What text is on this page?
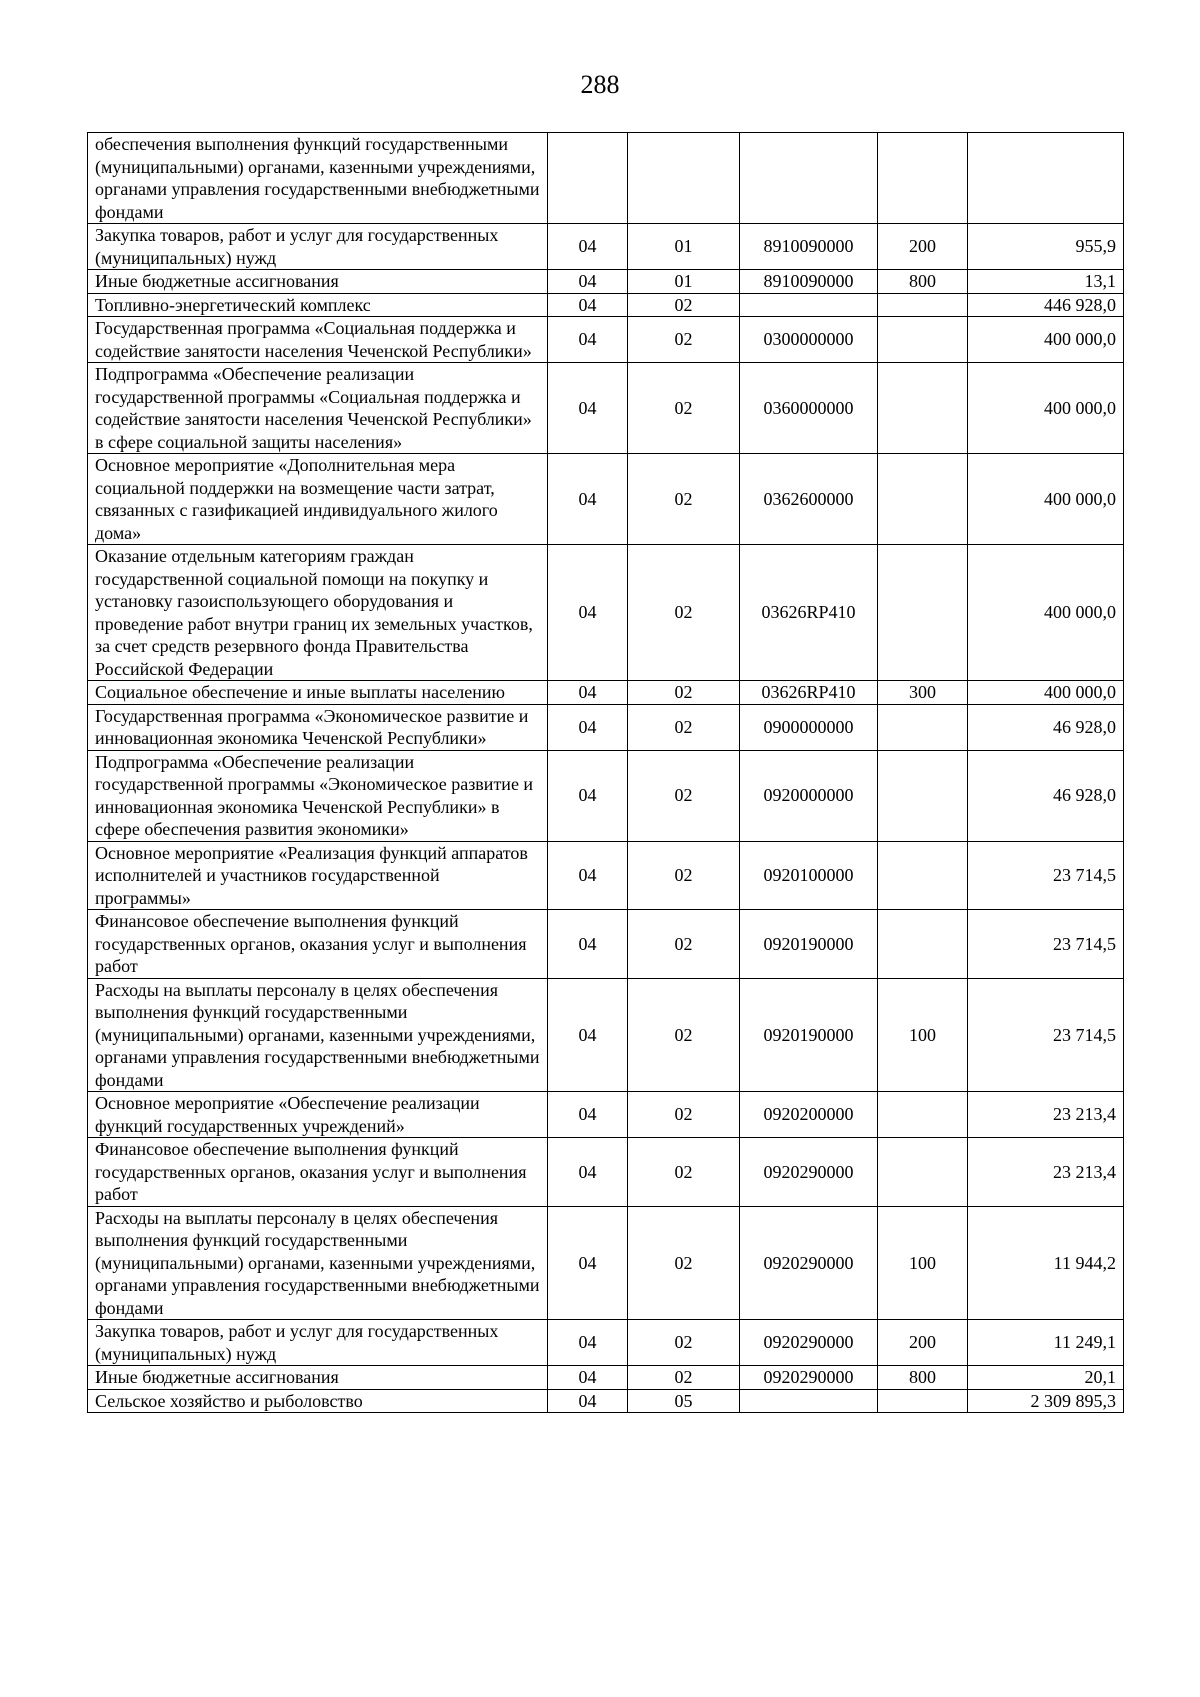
288
обеспечения выполнения функций государственными (муниципальными) органами, казенными учреждениями, органами управления государственными внебюджетными фондами					
Закупка товаров, работ и услуг для государственных (муниципальных) нужд	04	01	8910090000	200	955,9
Иные бюджетные ассигнования	04	01	8910090000	800	13,1
Топливно-энергетический комплекс	04	02			446 928,0
Государственная программа «Социальная поддержка и содействие занятости населения Чеченской Республики»	04	02	0300000000		400 000,0
Подпрограмма «Обеспечение реализации государственной программы «Социальная поддержка и содействие занятости населения Чеченской Республики» в сфере социальной защиты населения»	04	02	0360000000		400 000,0
Основное мероприятие «Дополнительная мера социальной поддержки на возмещение части затрат, связанных с газификацией индивидуального жилого дома»	04	02	0362600000		400 000,0
Оказание отдельным категориям граждан государственной социальной помощи на покупку и установку газоиспользующего оборудования и проведение работ внутри границ их земельных участков, за счет средств резервного фонда Правительства Российской Федерации	04	02	03626RP410		400 000,0
Социальное обеспечение и иные выплаты населению	04	02	03626RP410	300	400 000,0
Государственная программа «Экономическое развитие и инновационная экономика Чеченской Республики»	04	02	0900000000		46 928,0
Подпрограмма «Обеспечение реализации государственной программы «Экономическое развитие и инновационная экономика Чеченской Республики» в сфере обеспечения развития экономики»	04	02	0920000000		46 928,0
Основное мероприятие «Реализация функций аппаратов исполнителей и участников государственной программы»	04	02	0920100000		23 714,5
Финансовое обеспечение выполнения функций государственных органов, оказания услуг и выполнения работ	04	02	0920190000		23 714,5
Расходы на выплаты персоналу в целях обеспечения выполнения функций государственными (муниципальными) органами, казенными учреждениями, органами управления государственными внебюджетными фондами	04	02	0920190000	100	23 714,5
Основное мероприятие «Обеспечение реализации функций государственных учреждений»	04	02	0920200000		23 213,4
Финансовое обеспечение выполнения функций государственных органов, оказания услуг и выполнения работ	04	02	0920290000		23 213,4
Расходы на выплаты персоналу в целях обеспечения выполнения функций государственными (муниципальными) органами, казенными учреждениями, органами управления государственными внебюджетными фондами	04	02	0920290000	100	11 944,2
Закупка товаров, работ и услуг для государственных (муниципальных) нужд	04	02	0920290000	200	11 249,1
Иные бюджетные ассигнования	04	02	0920290000	800	20,1
Сельское хозяйство и рыболовство	04	05			2 309 895,3
